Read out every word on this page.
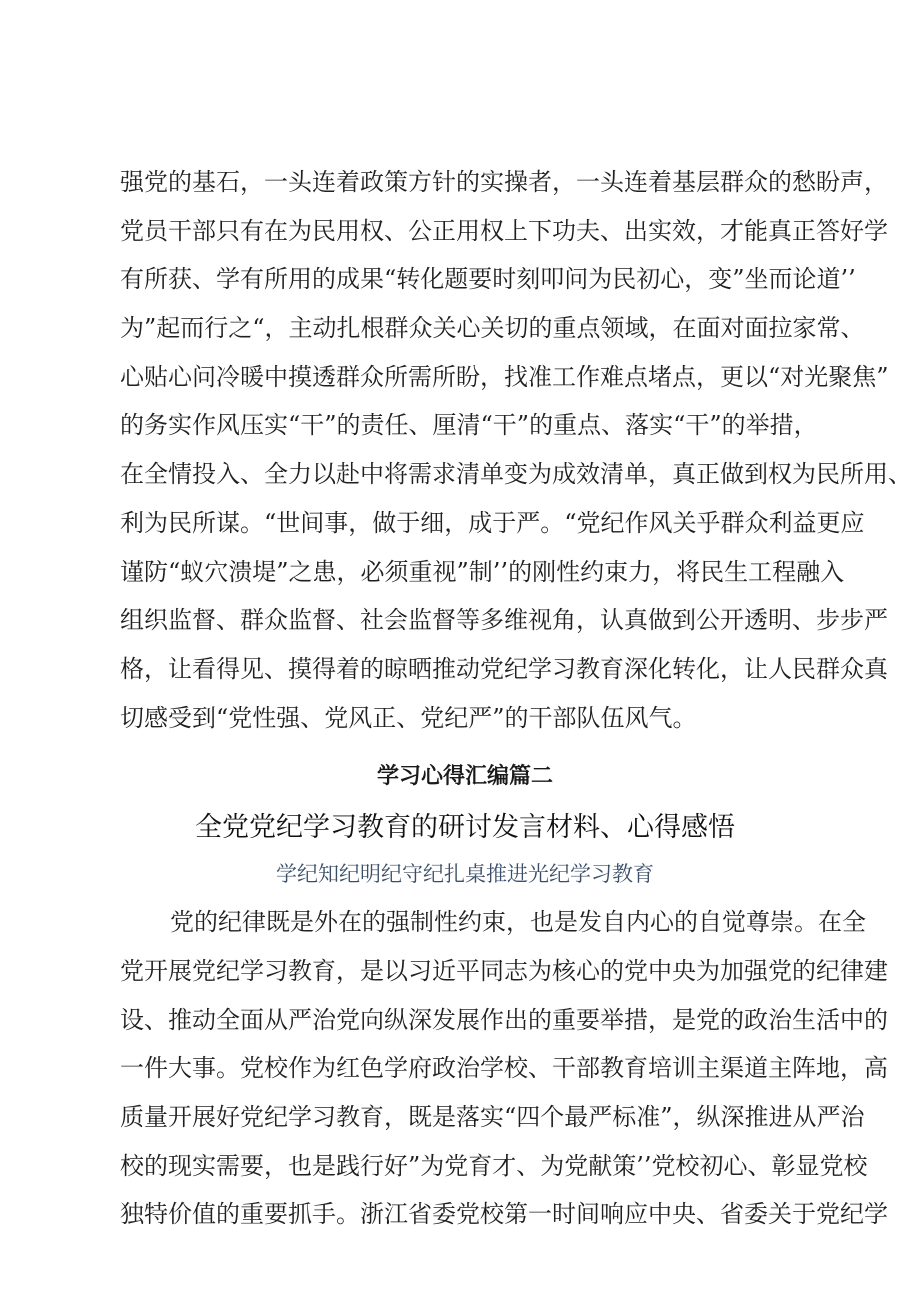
强党的基石，一头连着政策方针的实操者，一头连着基层群众的愁盼声，
党员干部只有在为民用权、公正用权上下功夫、出实效，才能真正答好学
有所获、学有所用的成果“转化题要时刻叩问为民初心，变”坐而论道’’
为”起而行之“，主动扎根群众关心关切的重点领域，在面对面拉家常、
心贴心问冷暖中摸透群众所需所盼，找准工作难点堵点，更以“对光聚焦”
的务实作风压实“干”的责任、厘清“干”的重点、落实“干”的举措，
在全情投入、全力以赴中将需求清单变为成效清单，真正做到权为民所用、
利为民所谋。“世间事，做于细，成于严。“党纪作风关乎群众利益更应
谨防“蚁穴溃堤”之患，必须重视”制’’的刚性约束力，将民生工程融入
组织监督、群众监督、社会监督等多维视角，认真做到公开透明、步步严
格，让看得见、摸得着的晾晒推动党纪学习教育深化转化，让人民群众真
切感受到“党性强、党风正、党纪严”的干部队伍风气。
学习心得汇编篇二
全党党纪学习教育的研讨发言材料、心得感悟
学纪知纪明纪守纪扎桌推进光纪学习教育
党的纪律既是外在的强制性约束，也是发自内心的自觉尊崇。在全
党开展党纪学习教育，是以习近平同志为核心的党中央为加强党的纪律建
设、推动全面从严治党向纵深发展作出的重要举措，是党的政治生活中的
一件大事。党校作为红色学府政治学校、干部教育培训主渠道主阵地，高
质量开展好党纪学习教育，既是落实“四个最严标准”，纵深推进从严治
校的现实需要，也是践行好”为党育才、为党献策’’党校初心、彰显党校
独特价值的重要抓手。浙江省委党校第一时间响应中央、省委关于党纪学
